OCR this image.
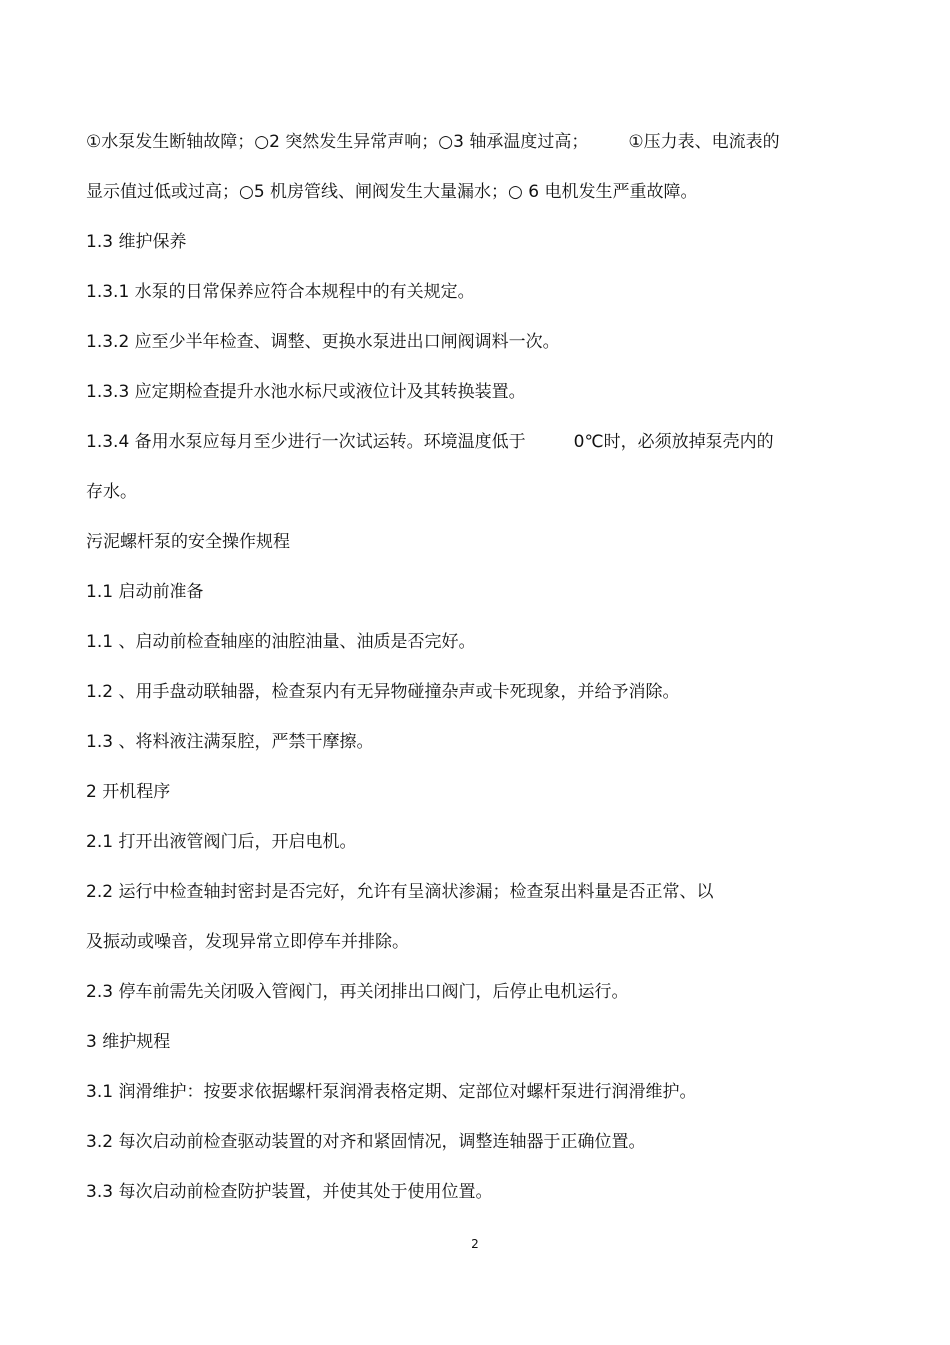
①水泵发生断轴故障；○2 突然发生异常声响；○3 轴承温度过高； ①压力表、电流表的
显示值过低或过高；○5 机房管线、闸阀发生大量漏水；○ 6 电机发生严重故障。
1.3 维护保养
1.3.1 水泵的日常保养应符合本规程中的有关规定。
1.3.2 应至少半年检查、调整、更换水泵进出口闸阀调料一次。
1.3.3 应定期检查提升水池水标尺或液位计及其转换装置。
1.3.4 备用水泵应每月至少进行一次试运转。环境温度低于	0℃时，必须放掉泵壳内的
存水。
污泥螺杆泵的安全操作规程
1.1 启动前准备
1.1 、启动前检查轴座的油腔油量、油质是否完好。
1.2 、用手盘动联轴器，检查泵内有无异物碰撞杂声或卡死现象，并给予消除。
1.3 、将料液注满泵腔，严禁干摩擦。
2 开机程序
2.1 打开出液管阀门后，开启电机。
2.2 运行中检查轴封密封是否完好，允许有呈滴状渗漏；检查泵出料量是否正常、以
及振动或噪音，发现异常立即停车并排除。
2.3 停车前需先关闭吸入管阀门，再关闭排出口阀门，后停止电机运行。
3 维护规程
3.1 润滑维护：按要求依据螺杆泵润滑表格定期、定部位对螺杆泵进行润滑维护。
3.2 每次启动前检查驱动装置的对齐和紧固情况，调整连轴器于正确位置。
3.3 每次启动前检查防护装置，并使其处于使用位置。
2
